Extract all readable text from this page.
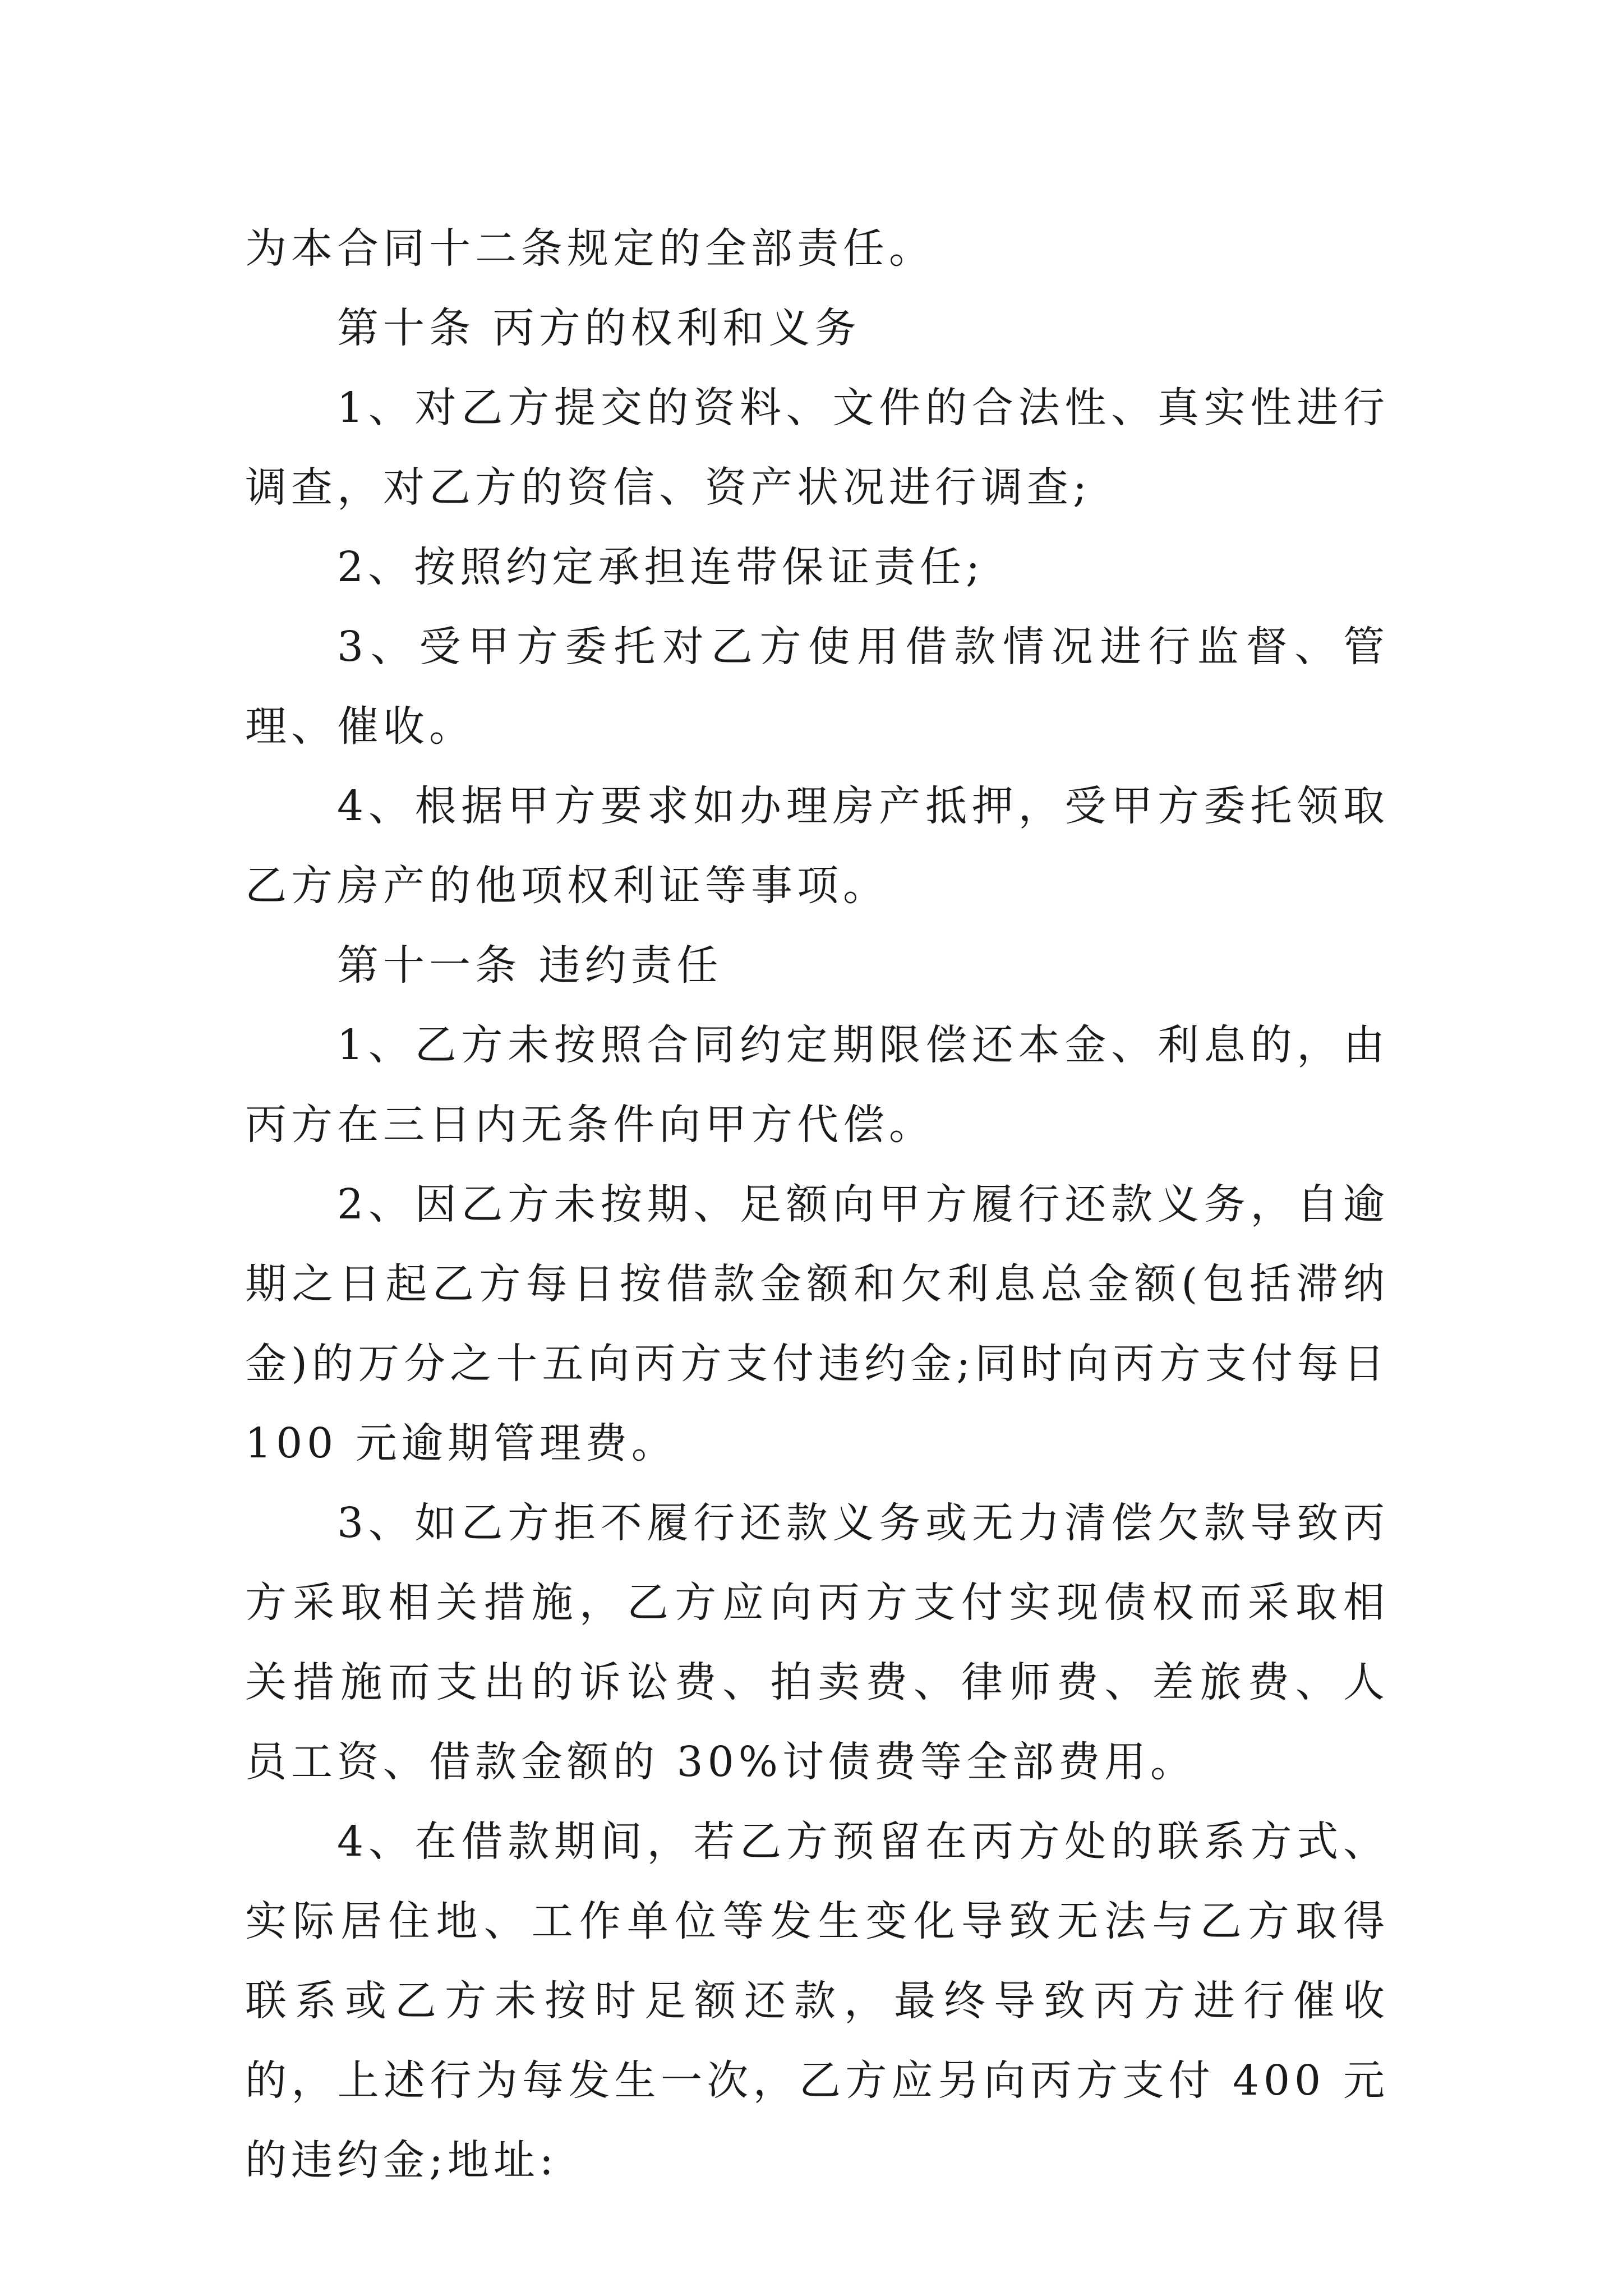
为本合同十二条规定的全部责任。

第十条 丙方的权利和义务

1、对乙方提交的资料、文件的合法性、真实性进行调查，对乙方的资信、资产状况进行调查;

2、按照约定承担连带保证责任;

3、受甲方委托对乙方使用借款情况进行监督、管理、催收。

4、根据甲方要求如办理房产抵押，受甲方委托领取乙方房产的他项权利证等事项。

第十一条 违约责任

1、乙方未按照合同约定期限偿还本金、利息的，由丙方在三日内无条件向甲方代偿。

2、因乙方未按期、足额向甲方履行还款义务，自逾期之日起乙方每日按借款金额和欠利息总金额(包括滞纳金)的万分之十五向丙方支付违约金;同时向丙方支付每日 100 元逾期管理费。

3、如乙方拒不履行还款义务或无力清偿欠款导致丙方采取相关措施，乙方应向丙方支付实现债权而采取相关措施而支出的诉讼费、拍卖费、律师费、差旅费、人员工资、借款金额的 30%讨债费等全部费用。

4、在借款期间，若乙方预留在丙方处的联系方式、实际居住地、工作单位等发生变化导致无法与乙方取得联系或乙方未按时足额还款，最终导致丙方进行催收的，上述行为每发生一次，乙方应另向丙方支付 400 元的违约金;地址:
